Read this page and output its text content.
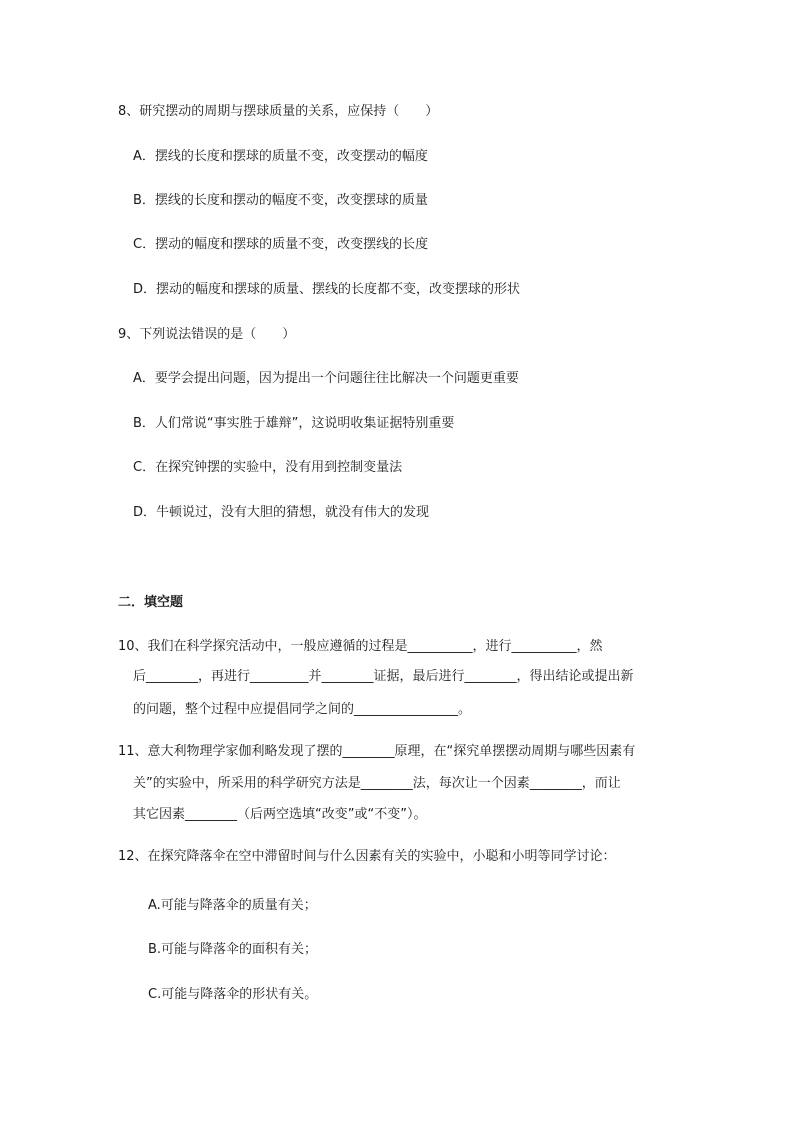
8、研究摆动的周期与摆球质量的关系，应保持（　　）
A．摆线的长度和摆球的质量不变，改变摆动的幅度
B．摆线的长度和摆动的幅度不变，改变摆球的质量
C．摆动的幅度和摆球的质量不变，改变摆线的长度
D．摆动的幅度和摆球的质量、摆线的长度都不变，改变摆球的形状
9、下列说法错误的是（　　）
A．要学会提出问题，因为提出一个问题往往比解决一个问题更重要
B．人们常说“事实胜于雄辩”，这说明收集证据特别重要
C．在探究钟摆的实验中，没有用到控制变量法
D．牛顿说过，没有大胆的猜想，就没有伟大的发现
二．填空题
10、我们在科学探究活动中，一般应遵循的过程是__________，进行__________，然
后________，再进行_________并________证据，最后进行________，得出结论或提出新
的问题，整个过程中应提倡同学之间的________________。
11、意大利物理学家伽利略发现了摆的________原理，在“探究单摆摆动周期与哪些因素有
关”的实验中，所采用的科学研究方法是________法，每次让一个因素________，而让
其它因素________（后两空选填“改变”或“不变”）。
12、在探究降落伞在空中滞留时间与什么因素有关的实验中，小聪和小明等同学讨论：
A.可能与降落伞的质量有关；
B.可能与降落伞的面积有关；
C.可能与降落伞的形状有关。
